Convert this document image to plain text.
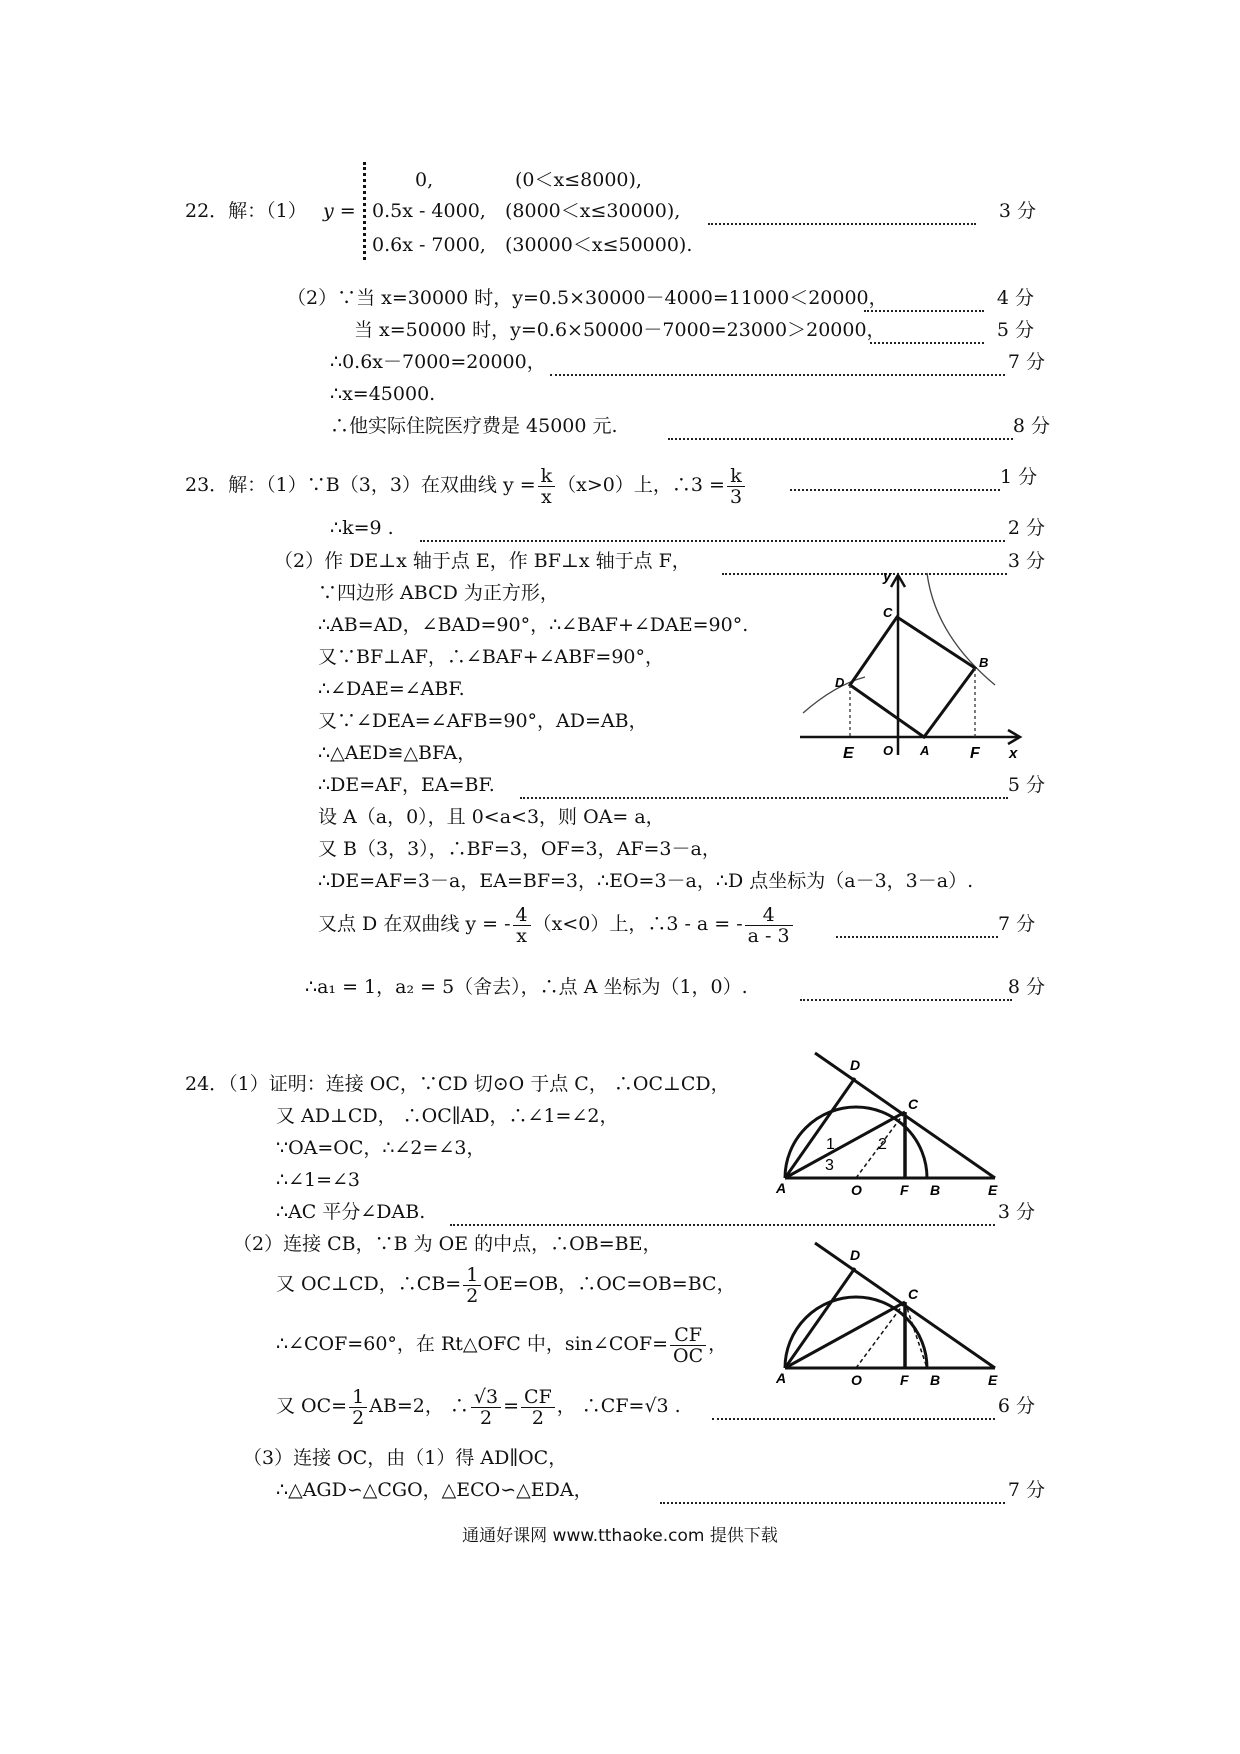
22．解：（1） y =
0,	(0＜x≤8000),
0.5x - 4000, (8000＜x≤30000),
0.6x - 7000, (30000＜x≤50000).
3 分
（2）∵当 x=30000 时，y=0.5×30000－4000=11000＜20000，	4 分
当 x=50000 时，y=0.6×50000－7000=23000＞20000，	5 分
∴0.6x－7000=20000，	7 分
∴x=45000.
∴他实际住院医疗费是 45000 元.	8 分
23．解：（1）∵B（3，3）在双曲线 $y = \frac{k}{x} (x>0)$上，∴3 = $\frac{k}{3}$	1 分
∴k=9 .	2 分
（2）作 DE⊥x 轴于点 E，作 BF⊥x 轴于点 F，	3 分
∵四边形 ABCD 为正方形，
∴AB=AD，∠BAD=90°，∴∠BAF+∠DAE=90°.
又∵BF⊥AF，∴∠BAF+∠ABF=90°，
∴∠DAE=∠ABF.
又∵∠DEA=∠AFB=90°，AD=AB，
∴△AED≌△BFA，
∴DE=AF，EA=BF.	5 分
设 A（a，0），且 0<a<3，则 OA= a，
又 B（3，3），∴BF=3，OF=3，AF=3－a，
∴DE=AF=3－a，EA=BF=3，∴EO=3－a，∴D 点坐标为（a－3，3－a）.
又点 D 在双曲线 y = - $\frac{4}{x} (x<0)$上，∴3 - a = - $\frac{4}{a - 3}$	7 分
∴a₁ = 1，a₂ = 5（舍去），∴点 A 坐标为（1，0）.	8 分
y
C
B
D
E O A	F x
24．（1）证明：连接 OC，∵CD 切⊙O 于点 C， ∴OC⊥CD，
又 AD⊥CD， ∴OC∥AD，∴∠1=∠2，
∵OA=OC，∴∠2=∠3，
∴∠1=∠3
∴AC 平分∠DAB.	3 分
（2）连接 CB，∵B 为 OE 的中点，∴OB=BE，
又 OC⊥CD，∴CB= $\frac{1}{2} OE=OB$，∴OC=OB=BC，
∴∠COF=60°，在 Rt△OFC 中，sin∠COF= $\frac{CF}{OC}$ ，
又 $OC= \frac{1}{2} AB=2$， ∴ $\frac{√3}{2} = \frac{CF}{2}$ ， ∴CF=√3 .	6 分
（3）连接 OC，由（1）得 AD∥OC，
∴△AGD∽△CGO，△ECO∽△EDA，	7 分
D
C
1	2
3
A	O	F B	E
D
C
A	O	F B	E
通通好课网 www.tthaoke.com 提供下载
